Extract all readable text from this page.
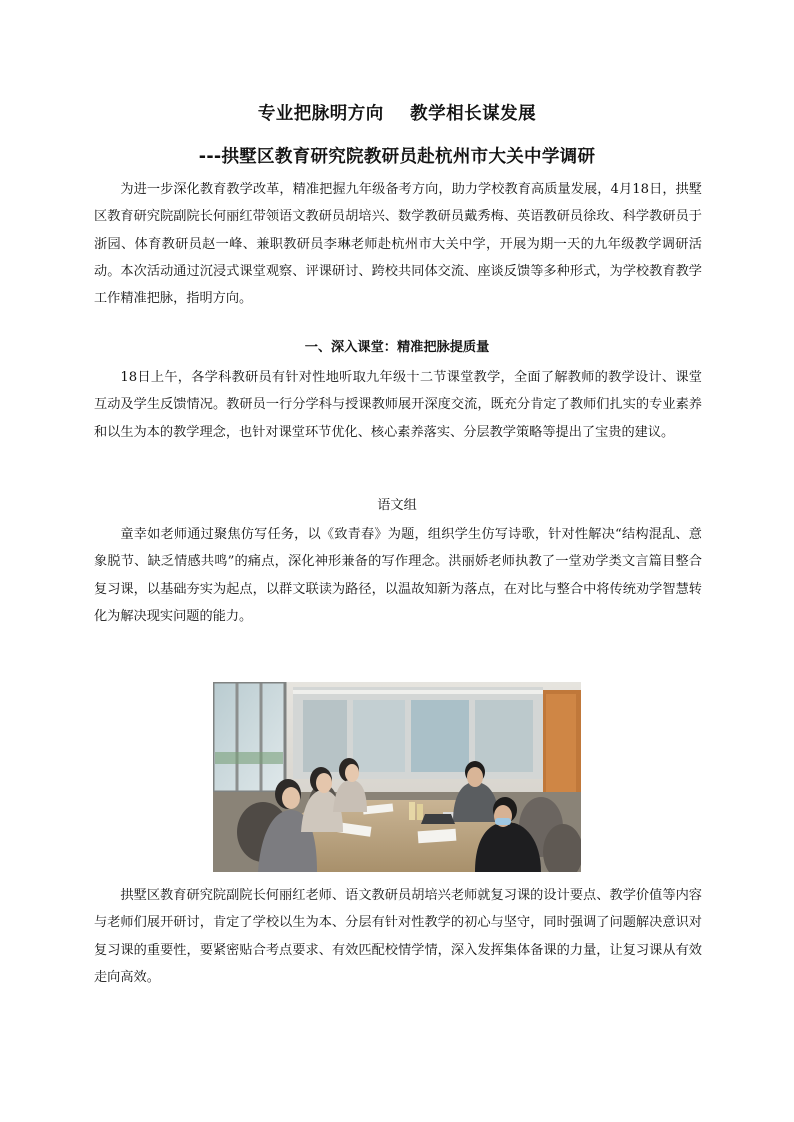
专业把脉明方向    教学相长谋发展
---拱墅区教育研究院教研员赴杭州市大关中学调研

为进一步深化教育教学改革，精准把握九年级备考方向，助力学校教育高质量发展，4月18日，拱墅区教育研究院副院长何丽红带领语文教研员胡培兴、数学教研员戴秀梅、英语教研员徐玫、科学教研员于浙园、体育教研员赵一峰、兼职教研员李琳老师赴杭州市大关中学，开展为期一天的九年级教学调研活动。本次活动通过沉浸式课堂观察、评课研讨、跨校共同体交流、座谈反馈等多种形式，为学校教育教学工作精准把脉，指明方向。

一、深入课堂：精准把脉提质量

18日上午，各学科教研员有针对性地听取九年级十二节课堂教学，全面了解教师的教学设计、课堂互动及学生反馈情况。教研员一行分学科与授课教师展开深度交流，既充分肯定了教师们扎实的专业素养和以生为本的教学理念，也针对课堂环节优化、核心素养落实、分层教学策略等提出了宝贵的建议。

语文组

童幸如老师通过聚焦仿写任务，以《致青春》为题，组织学生仿写诗歌，针对性解决“结构混乱、意象脱节、缺乏情感共鸣”的痛点，深化神形兼备的写作理念。洪丽娇老师执教了一堂劝学类文言篇目整合复习课，以基础夯实为起点，以群文联读为路径，以温故知新为落点，在对比与整合中将传统劝学智慧转化为解决现实问题的能力。

拱墅区教育研究院副院长何丽红老师、语文教研员胡培兴老师就复习课的设计要点、教学价值等内容与老师们展开研讨，肯定了学校以生为本、分层有针对性教学的初心与坚守，同时强调了问题解决意识对复习课的重要性，要紧密贴合考点要求、有效匹配校情学情，深入发挥集体备课的力量，让复习课从有效走向高效。
